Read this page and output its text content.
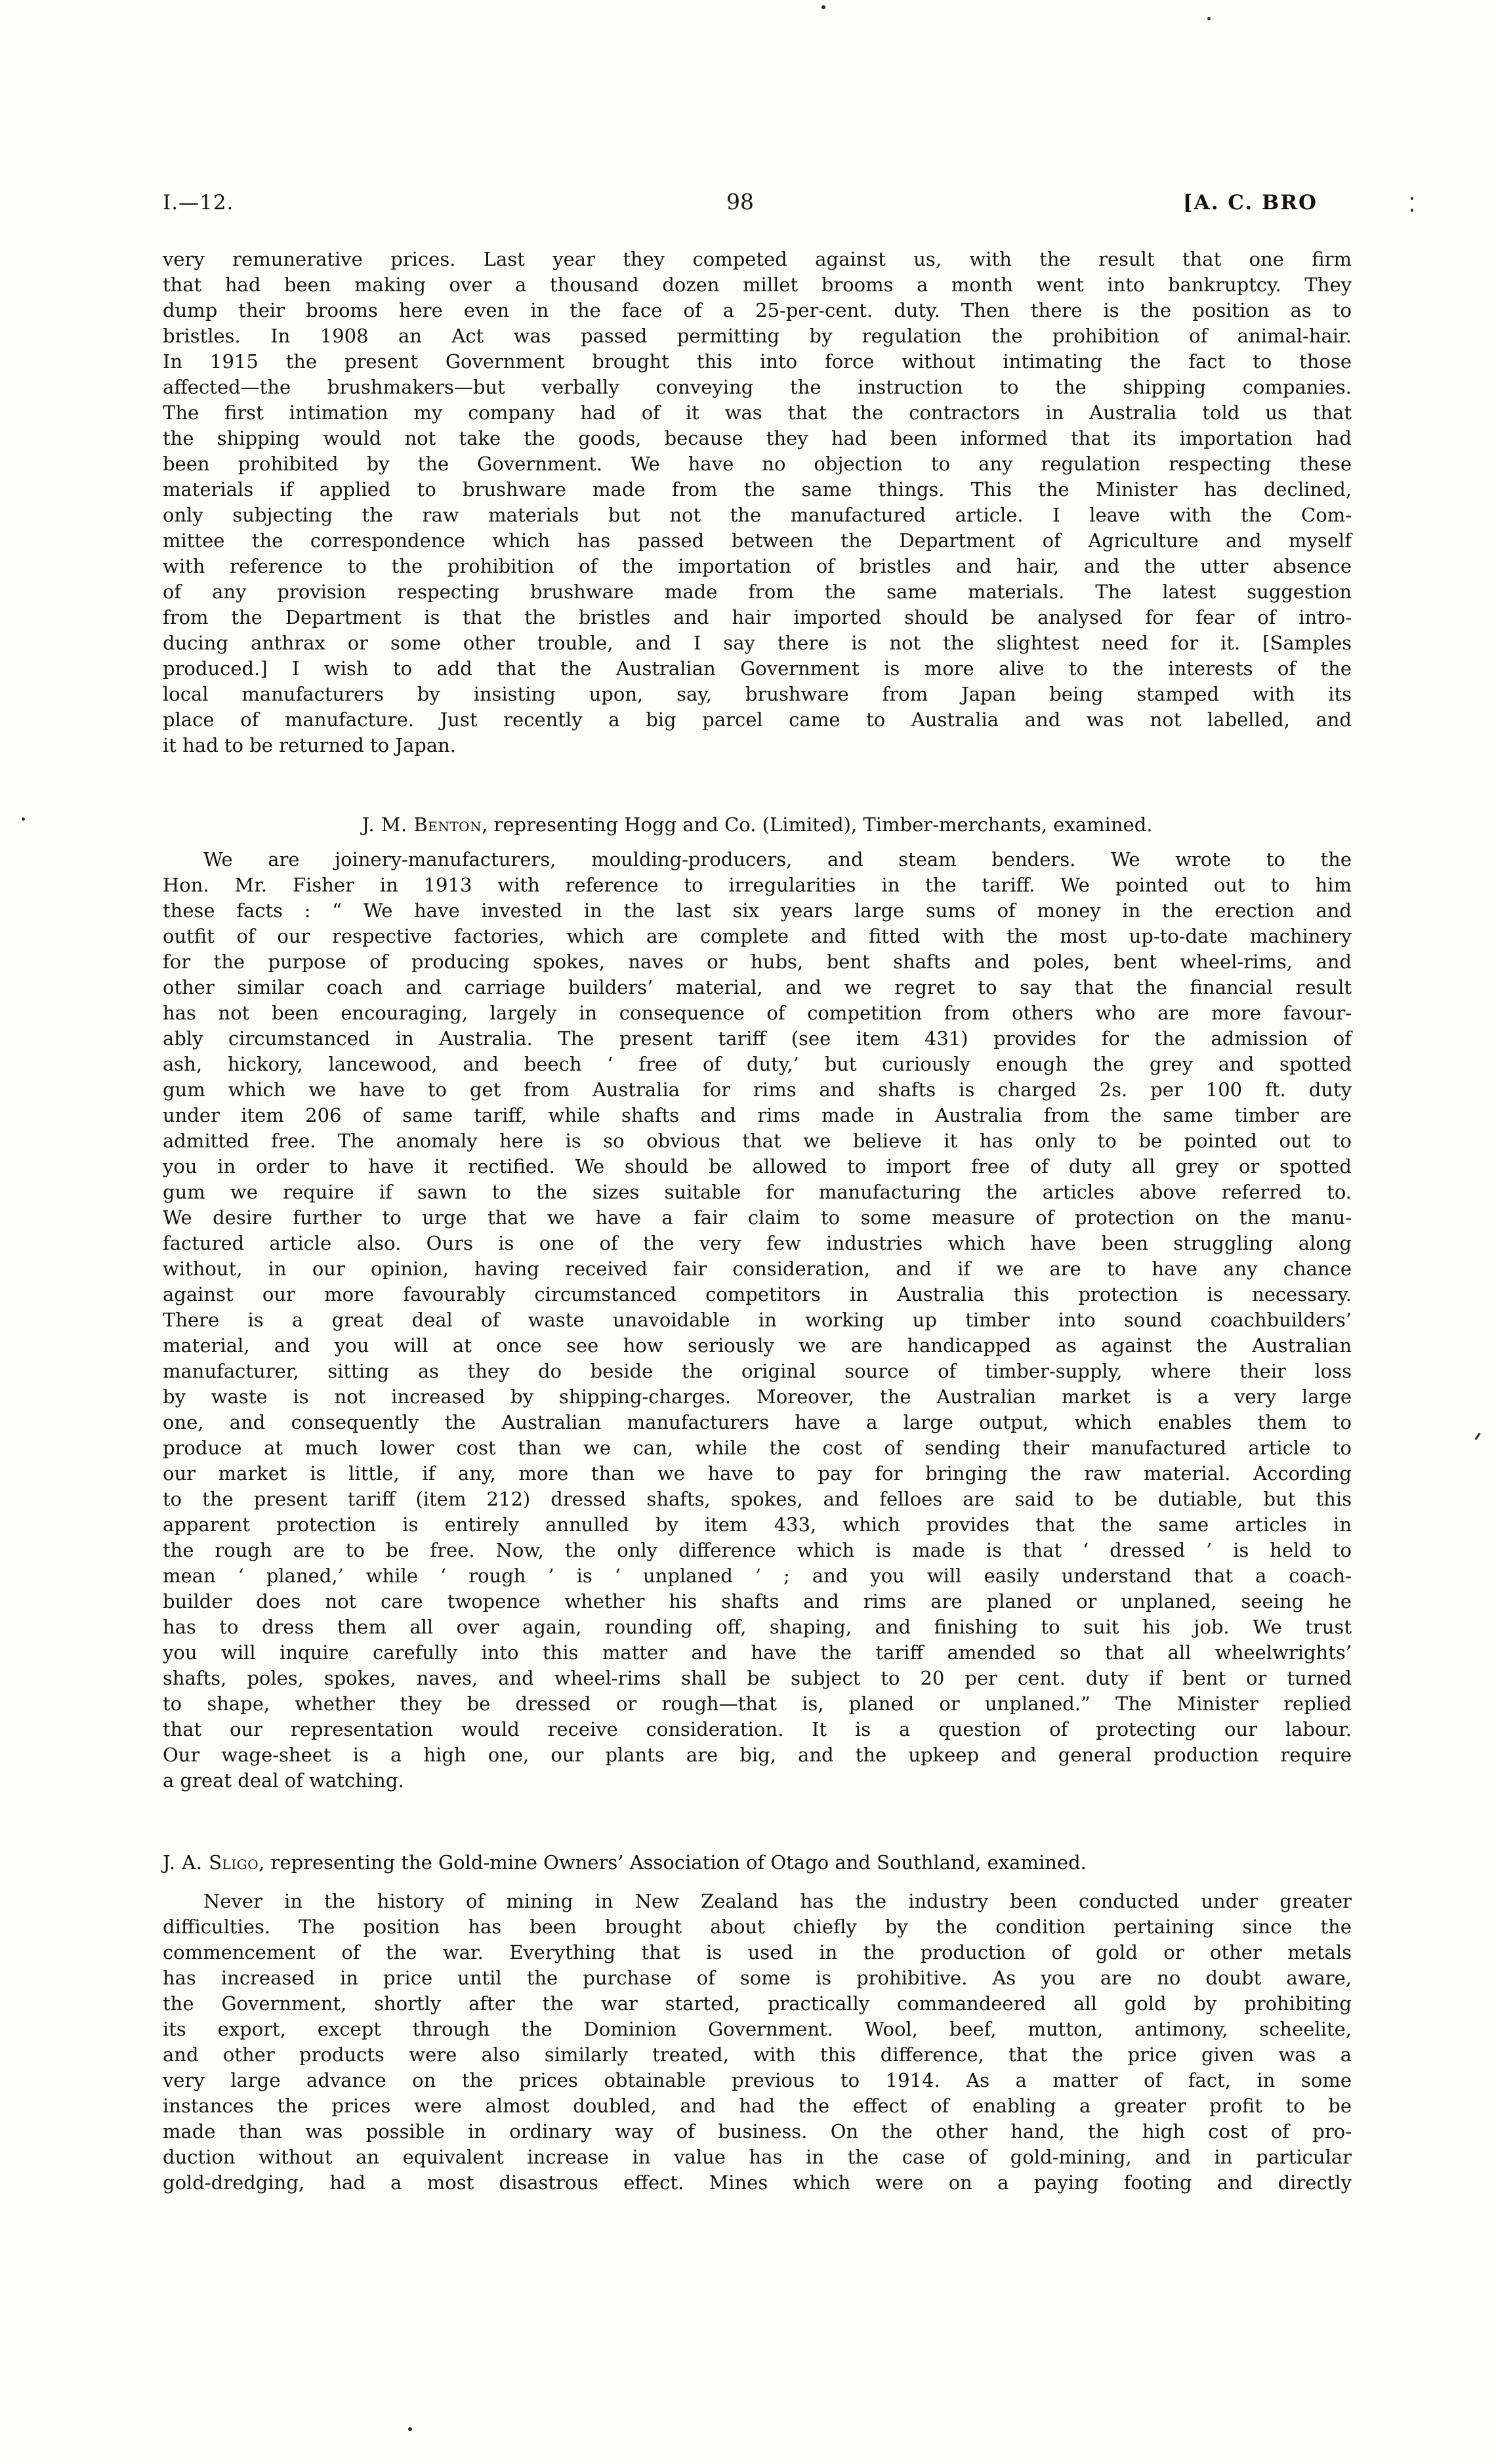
I.—12.	98	[A. C. BRO
very remunerative prices. Last year they competed against us, with the result that one firm
that had been making over a thousand dozen millet brooms a month went into bankruptcy. They
dump their brooms here even in the face of a 25-per-cent. duty. Then there is the position as to
bristles. In 1908 an Act was passed permitting by regulation the prohibition of animal-hair.
In 1915 the present Government brought this into force without intimating the fact to those
affected—the brushmakers—but verbally conveying the instruction to the shipping companies.
The first intimation my company had of it was that the contractors in Australia told us that
the shipping would not take the goods, because they had been informed that its importation had
been prohibited by the Government. We have no objection to any regulation respecting these
materials if applied to brushware made from the same things. This the Minister has declined,
only subjecting the raw materials but not the manufactured article. I leave with the Com-
mittee the correspondence which has passed between the Department of Agriculture and myself
with reference to the prohibition of the importation of bristles and hair, and the utter absence
of any provision respecting brushware made from the same materials. The latest suggestion
from the Department is that the bristles and hair imported should be analysed for fear of intro-
ducing anthrax or some other trouble, and I say there is not the slightest need for it. [Samples
produced.] I wish to add that the Australian Government is more alive to the interests of the
local manufacturers by insisting upon, say, brushware from Japan being stamped with its
place of manufacture. Just recently a big parcel came to Australia and was not labelled, and
it had to be returned to Japan.
J. M. Benton, representing Hogg and Co. (Limited), Timber-merchants, examined.
We are joinery-manufacturers, moulding-producers, and steam benders. We wrote to the
Hon. Mr. Fisher in 1913 with reference to irregularities in the tariff. We pointed out to him
these facts : “ We have invested in the last six years large sums of money in the erection and
outfit of our respective factories, which are complete and fitted with the most up-to-date machinery
for the purpose of producing spokes, naves or hubs, bent shafts and poles, bent wheel-rims, and
other similar coach and carriage builders’ material, and we regret to say that the financial result
has not been encouraging, largely in consequence of competition from others who are more favour-
ably circumstanced in Australia. The present tariff (see item 431) provides for the admission of
ash, hickory, lancewood, and beech ‘ free of duty,’ but curiously enough the grey and spotted
gum which we have to get from Australia for rims and shafts is charged 2s. per 100 ft. duty
under item 206 of same tariff, while shafts and rims made in Australia from the same timber are
admitted free. The anomaly here is so obvious that we believe it has only to be pointed out to
you in order to have it rectified. We should be allowed to import free of duty all grey or spotted
gum we require if sawn to the sizes suitable for manufacturing the articles above referred to.
We desire further to urge that we have a fair claim to some measure of protection on the manu-
factured article also. Ours is one of the very few industries which have been struggling along
without, in our opinion, having received fair consideration, and if we are to have any chance
against our more favourably circumstanced competitors in Australia this protection is necessary.
There is a great deal of waste unavoidable in working up timber into sound coachbuilders’
material, and you will at once see how seriously we are handicapped as against the Australian
manufacturer, sitting as they do beside the original source of timber-supply, where their loss
by waste is not increased by shipping-charges. Moreover, the Australian market is a very large
one, and consequently the Australian manufacturers have a large output, which enables them to
produce at much lower cost than we can, while the cost of sending their manufactured article to
our market is little, if any, more than we have to pay for bringing the raw material. According
to the present tariff (item 212) dressed shafts, spokes, and felloes are said to be dutiable, but this
apparent protection is entirely annulled by item 433, which provides that the same articles in
the rough are to be free. Now, the only difference which is made is that ‘ dressed ’ is held to
mean ‘ planed,’ while ‘ rough ’ is ‘ unplaned ’ ; and you will easily understand that a coach-
builder does not care twopence whether his shafts and rims are planed or unplaned, seeing he
has to dress them all over again, rounding off, shaping, and finishing to suit his job. We trust
you will inquire carefully into this matter and have the tariff amended so that all wheelwrights’
shafts, poles, spokes, naves, and wheel-rims shall be subject to 20 per cent. duty if bent or turned
to shape, whether they be dressed or rough—that is, planed or unplaned.” The Minister replied
that our representation would receive consideration. It is a question of protecting our labour.
Our wage-sheet is a high one, our plants are big, and the upkeep and general production require
a great deal of watching.
J. A. Sligo, representing the Gold-mine Owners’ Association of Otago and Southland, examined.
Never in the history of mining in New Zealand has the industry been conducted under greater
difficulties. The position has been brought about chiefly by the condition pertaining since the
commencement of the war. Everything that is used in the production of gold or other metals
has increased in price until the purchase of some is prohibitive. As you are no doubt aware,
the Government, shortly after the war started, practically commandeered all gold by prohibiting
its export, except through the Dominion Government. Wool, beef, mutton, antimony, scheelite,
and other products were also similarly treated, with this difference, that the price given was a
very large advance on the prices obtainable previous to 1914. As a matter of fact, in some
instances the prices were almost doubled, and had the effect of enabling a greater profit to be
made than was possible in ordinary way of business. On the other hand, the high cost of pro-
duction without an equivalent increase in value has in the case of gold-mining, and in particular
gold-dredging, had a most disastrous effect. Mines which were on a paying footing and directly
